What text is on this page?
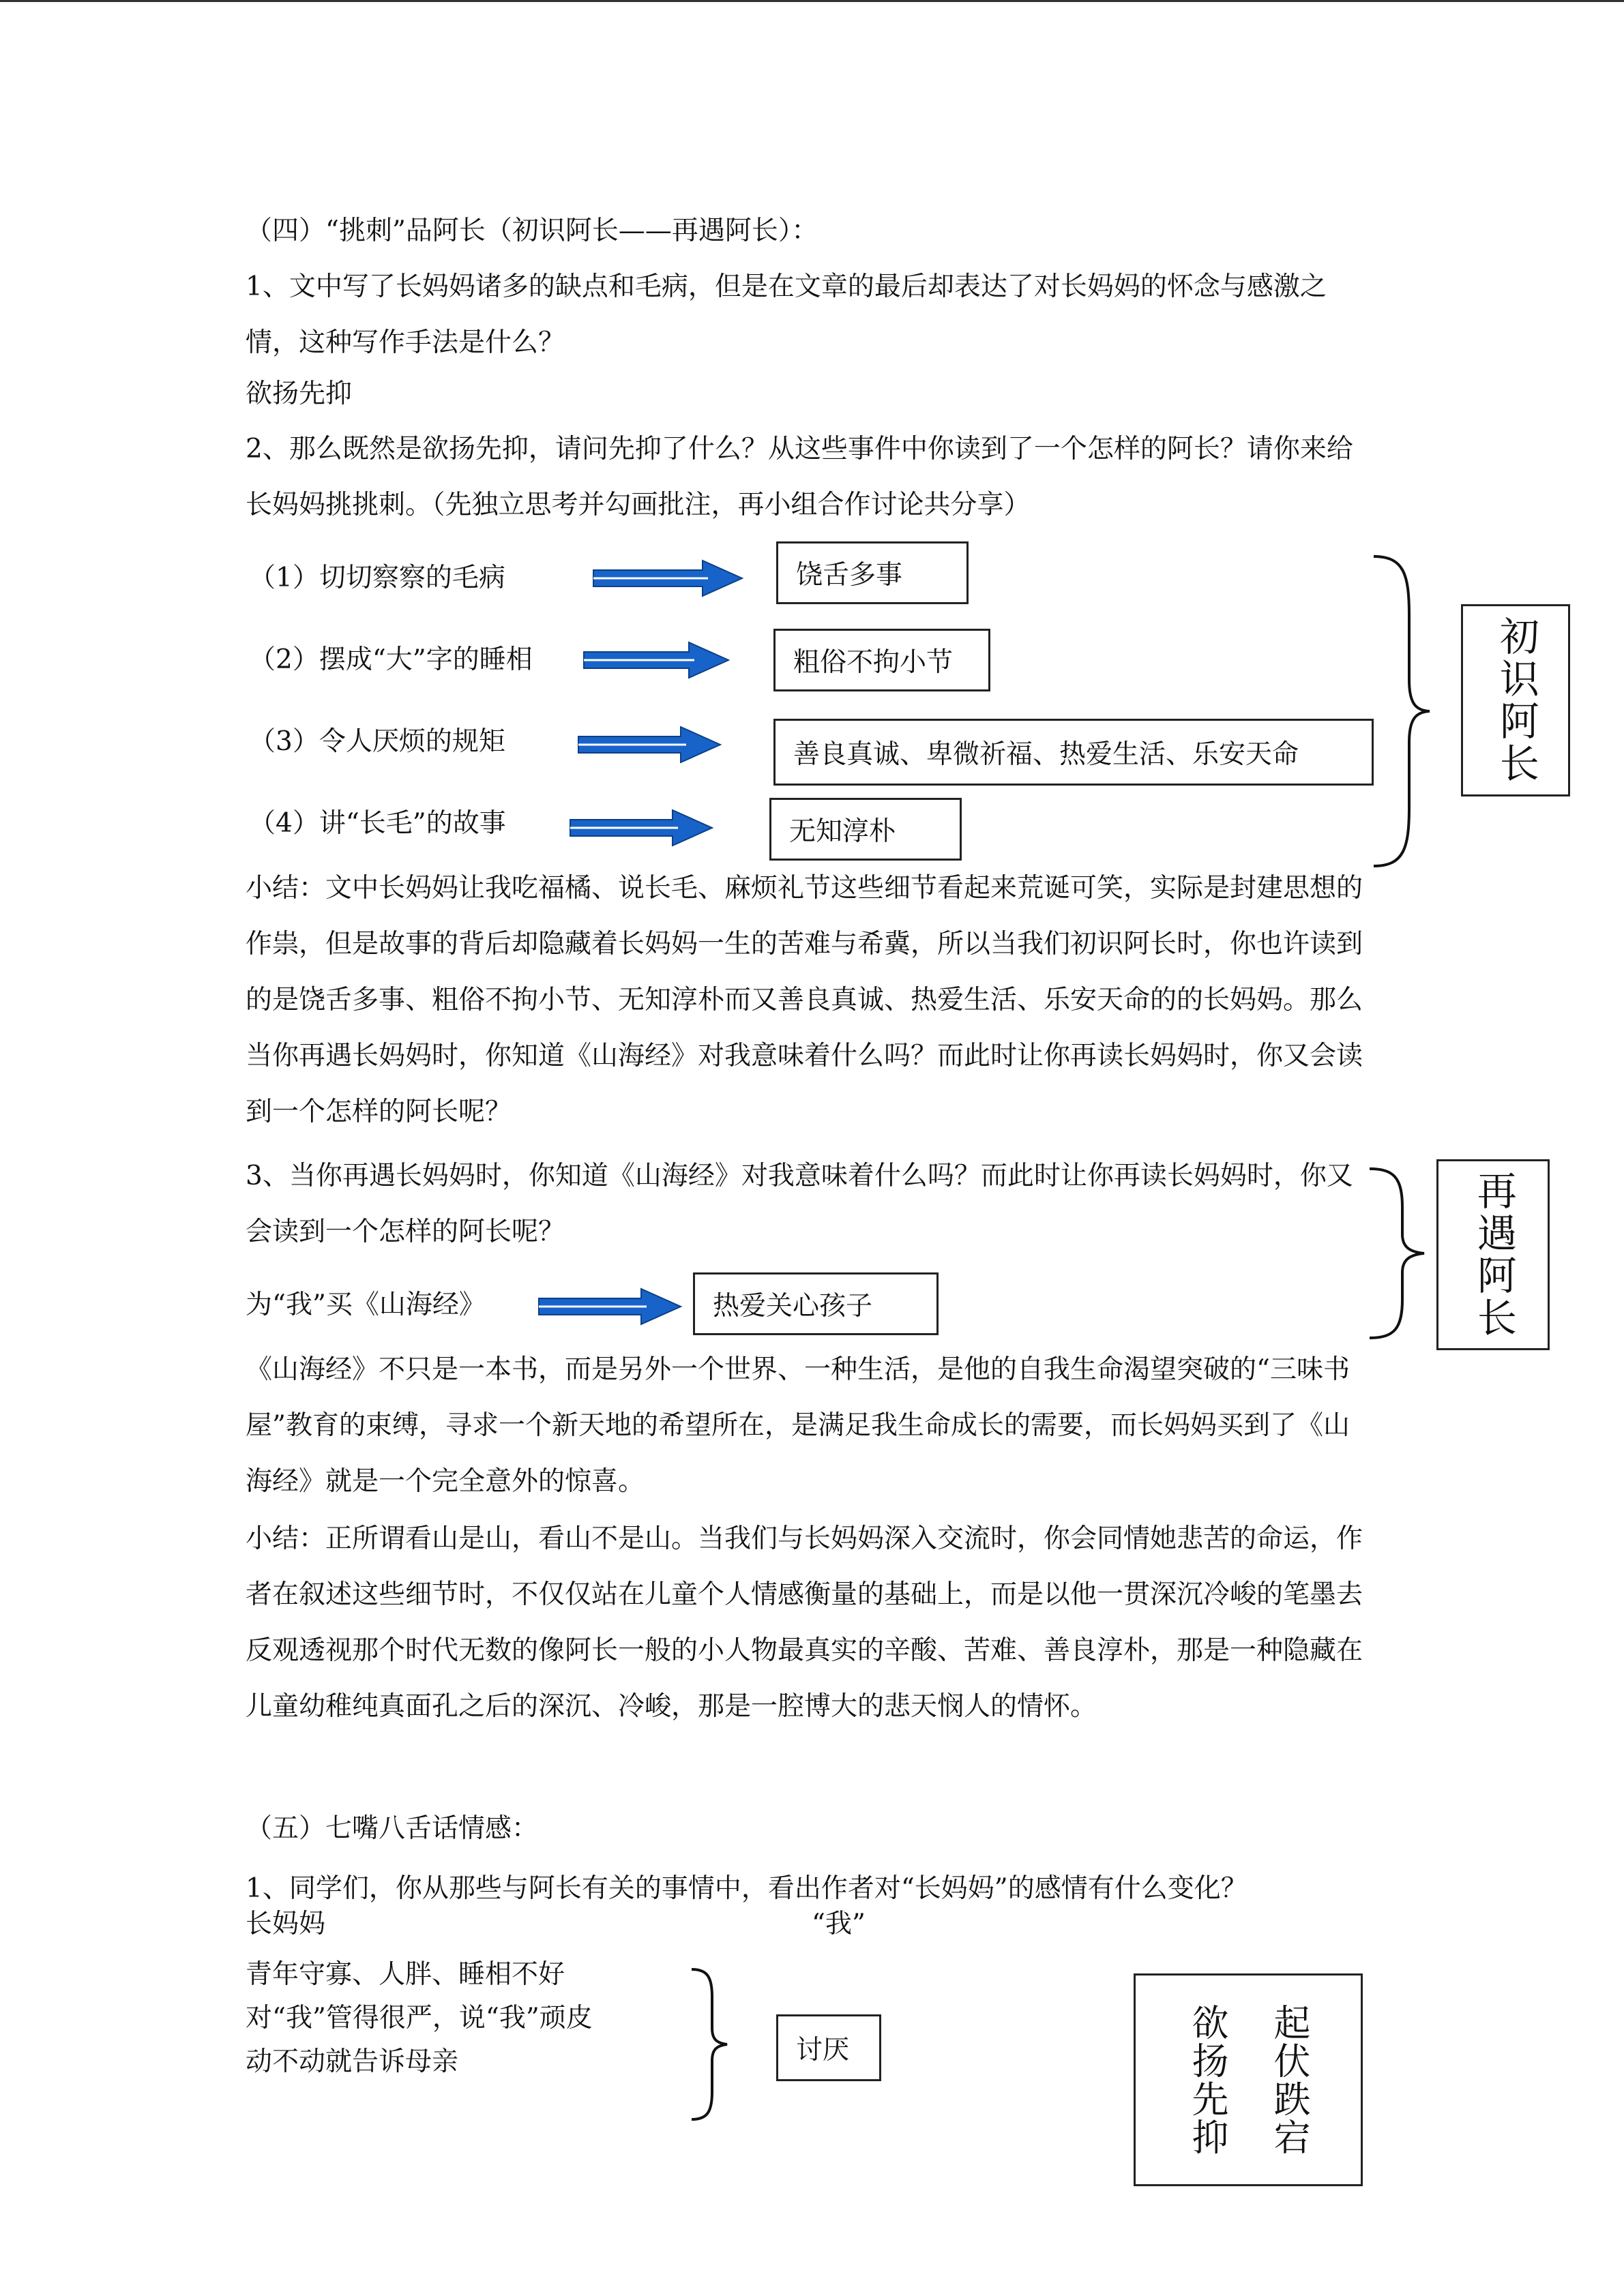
（四）“挑刺”品阿长（初识阿长——再遇阿长）：

1、文中写了长妈妈诸多的缺点和毛病，但是在文章的最后却表达了对长妈妈的怀念与感激之情，这种写作手法是什么？

欲扬先抑

2、那么既然是欲扬先抑，请问先抑了什么？从这些事件中你读到了一个怎样的阿长？请你来给长妈妈挑挑刺。（先独立思考并勾画批注，再小组合作讨论共分享）

（1）切切察察的毛病	饶舌多事

（2）摆成“大”字的睡相	粗俗不拘小节

（3）令人厌烦的规矩	善良真诚、卑微祈福、热爱生活、乐安天命

（4）讲“长毛”的故事	无知淳朴
初识阿长

小结：文中长妈妈让我吃福橘、说长毛、麻烦礼节这些细节看起来荒诞可笑，实际是封建思想的作祟，但是故事的背后却隐藏着长妈妈一生的苦难与希冀，所以当我们初识阿长时，你也许读到的是饶舌多事、粗俗不拘小节、无知淳朴而又善良真诚、热爱生活、乐安天命的的长妈妈。那么当你再遇长妈妈时，你知道《山海经》对我意味着什么吗？而此时让你再读长妈妈时，你又会读到一个怎样的阿长呢？

3、当你再遇长妈妈时，你知道《山海经》对我意味着什么吗？而此时让你再读长妈妈时，你又会读到一个怎样的阿长呢？

为“我”买《山海经》	热爱关心孩子	再遇阿长

《山海经》不只是一本书，而是另外一个世界、一种生活，是他的自我生命渴望突破的“三味书屋”教育的束缚，寻求一个新天地的希望所在，是满足我生命成长的需要，而长妈妈买到了《山海经》就是一个完全意外的惊喜。

小结：正所谓看山是山，看山不是山。当我们与长妈妈深入交流时，你会同情她悲苦的命运，作者在叙述这些细节时，不仅仅站在儿童个人情感衡量的基础上，而是以他一贯深沉冷峻的笔墨去反观透视那个时代无数的像阿长一般的小人物最真实的辛酸、苦难、善良淳朴，那是一种隐藏在儿童幼稚纯真面孔之后的深沉、冷峻，那是一腔博大的悲天悯人的情怀。

（五）七嘴八舌话情感：

1、同学们，你从那些与阿长有关的事情中，看出作者对“长妈妈”的感情有什么变化？

长妈妈	“我”

青年守寡、人胖、睡相不好

对“我”管得很严，说“我”顽皮

动不动就告诉母亲	讨厌	欲扬先抑	起伏跌宕
